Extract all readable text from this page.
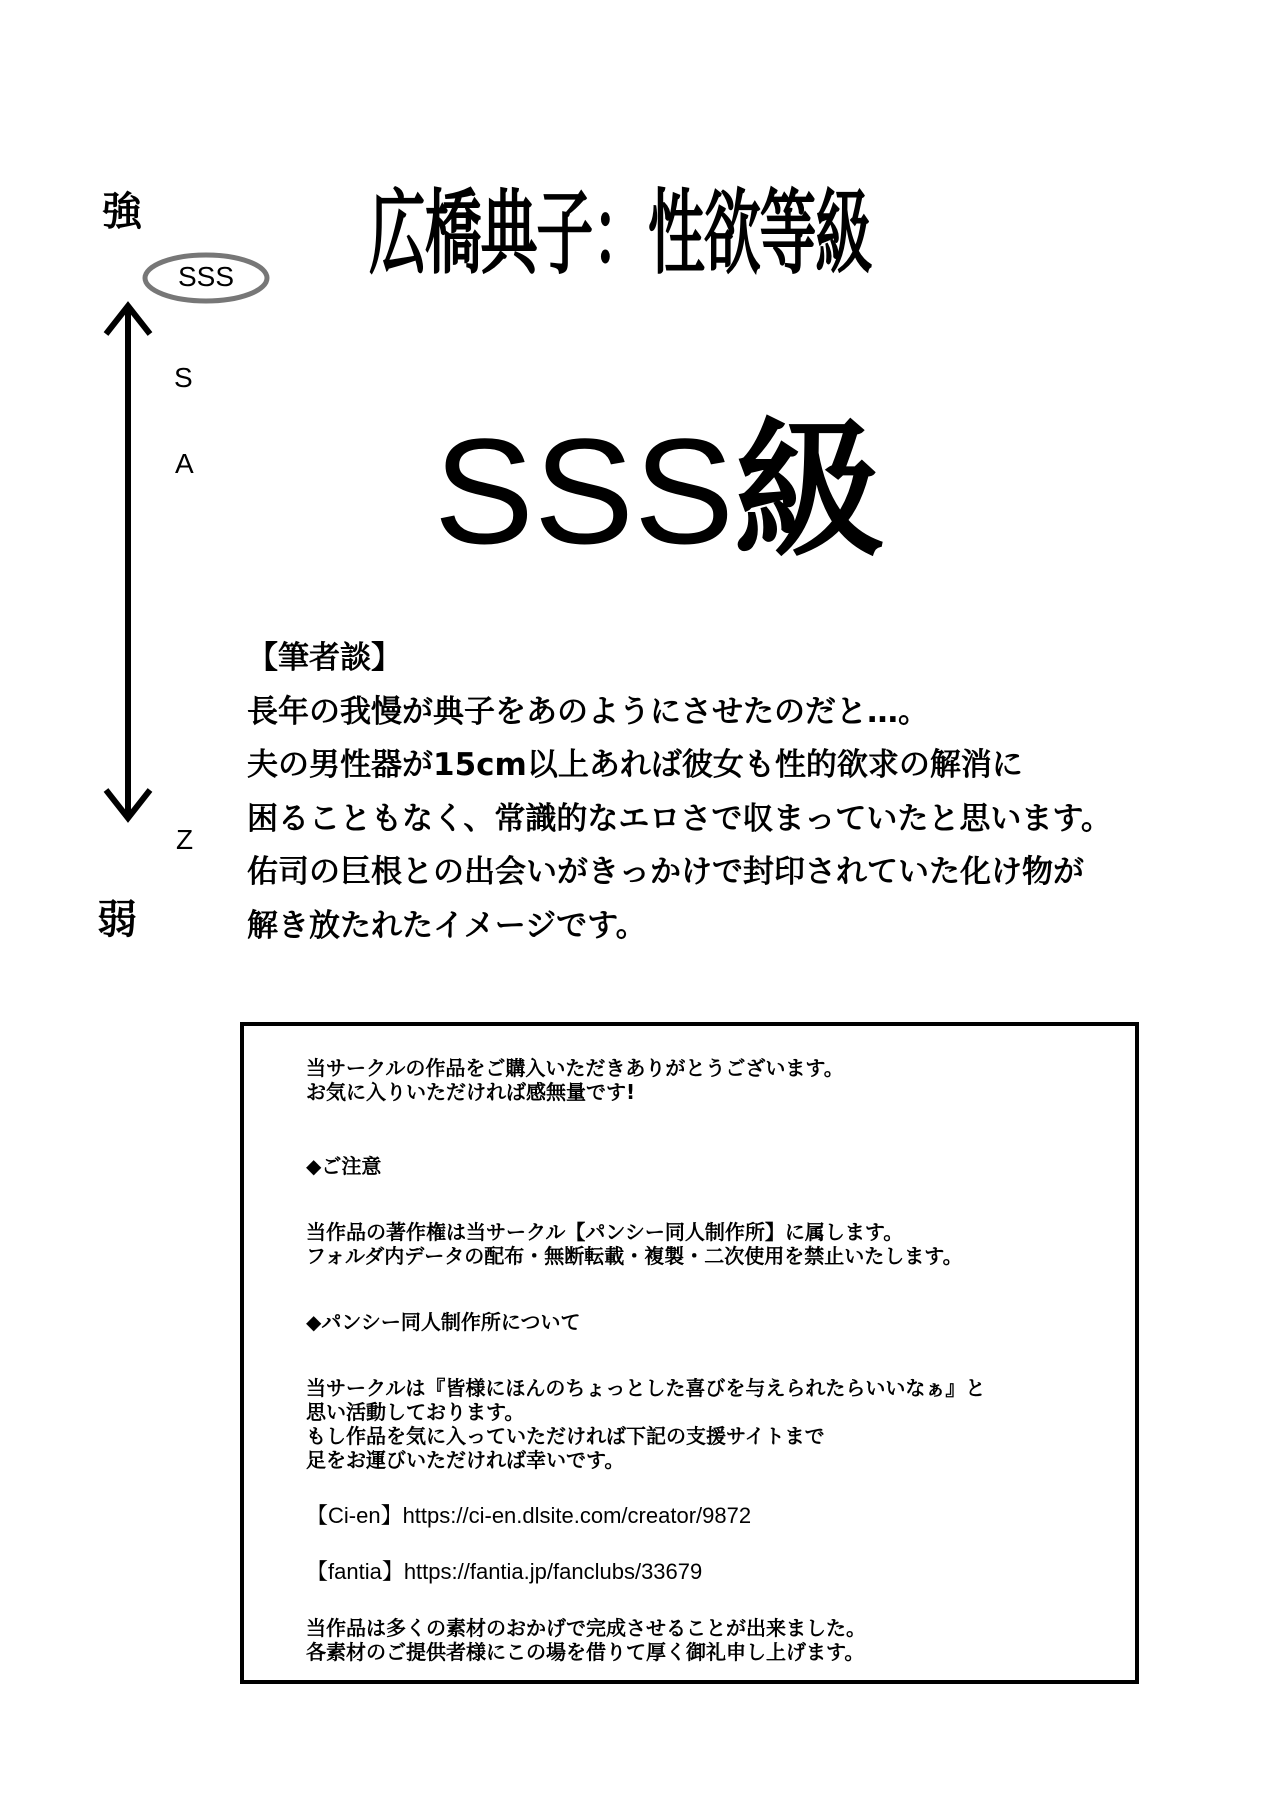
強
SSS
S
A
Z
弱
広橋典子：性欲等級
SSS級
【筆者談】
長年の我慢が典子をあのようにさせたのだと…。
夫の男性器が15cm以上あれば彼女も性的欲求の解消に
困ることもなく、常識的なエロさで収まっていたと思います。
佑司の巨根との出会いがきっかけで封印されていた化け物が
解き放たれたイメージです。
当サークルの作品をご購入いただきありがとうございます。
お気に入りいただければ感無量です!
◆ご注意
当作品の著作権は当サークル【パンシー同人制作所】に属します。
フォルダ内データの配布・無断転載・複製・二次使用を禁止いたします。
◆パンシー同人制作所について
当サークルは『皆様にほんのちょっとした喜びを与えられたらいいなぁ』と
思い活動しております。
もし作品を気に入っていただければ下記の支援サイトまで
足をお運びいただければ幸いです。
【Ci-en】https://ci-en.dlsite.com/creator/9872
【fantia】https://fantia.jp/fanclubs/33679
当作品は多くの素材のおかげで完成させることが出来ました。
各素材のご提供者様にこの場を借りて厚く御礼申し上げます。
